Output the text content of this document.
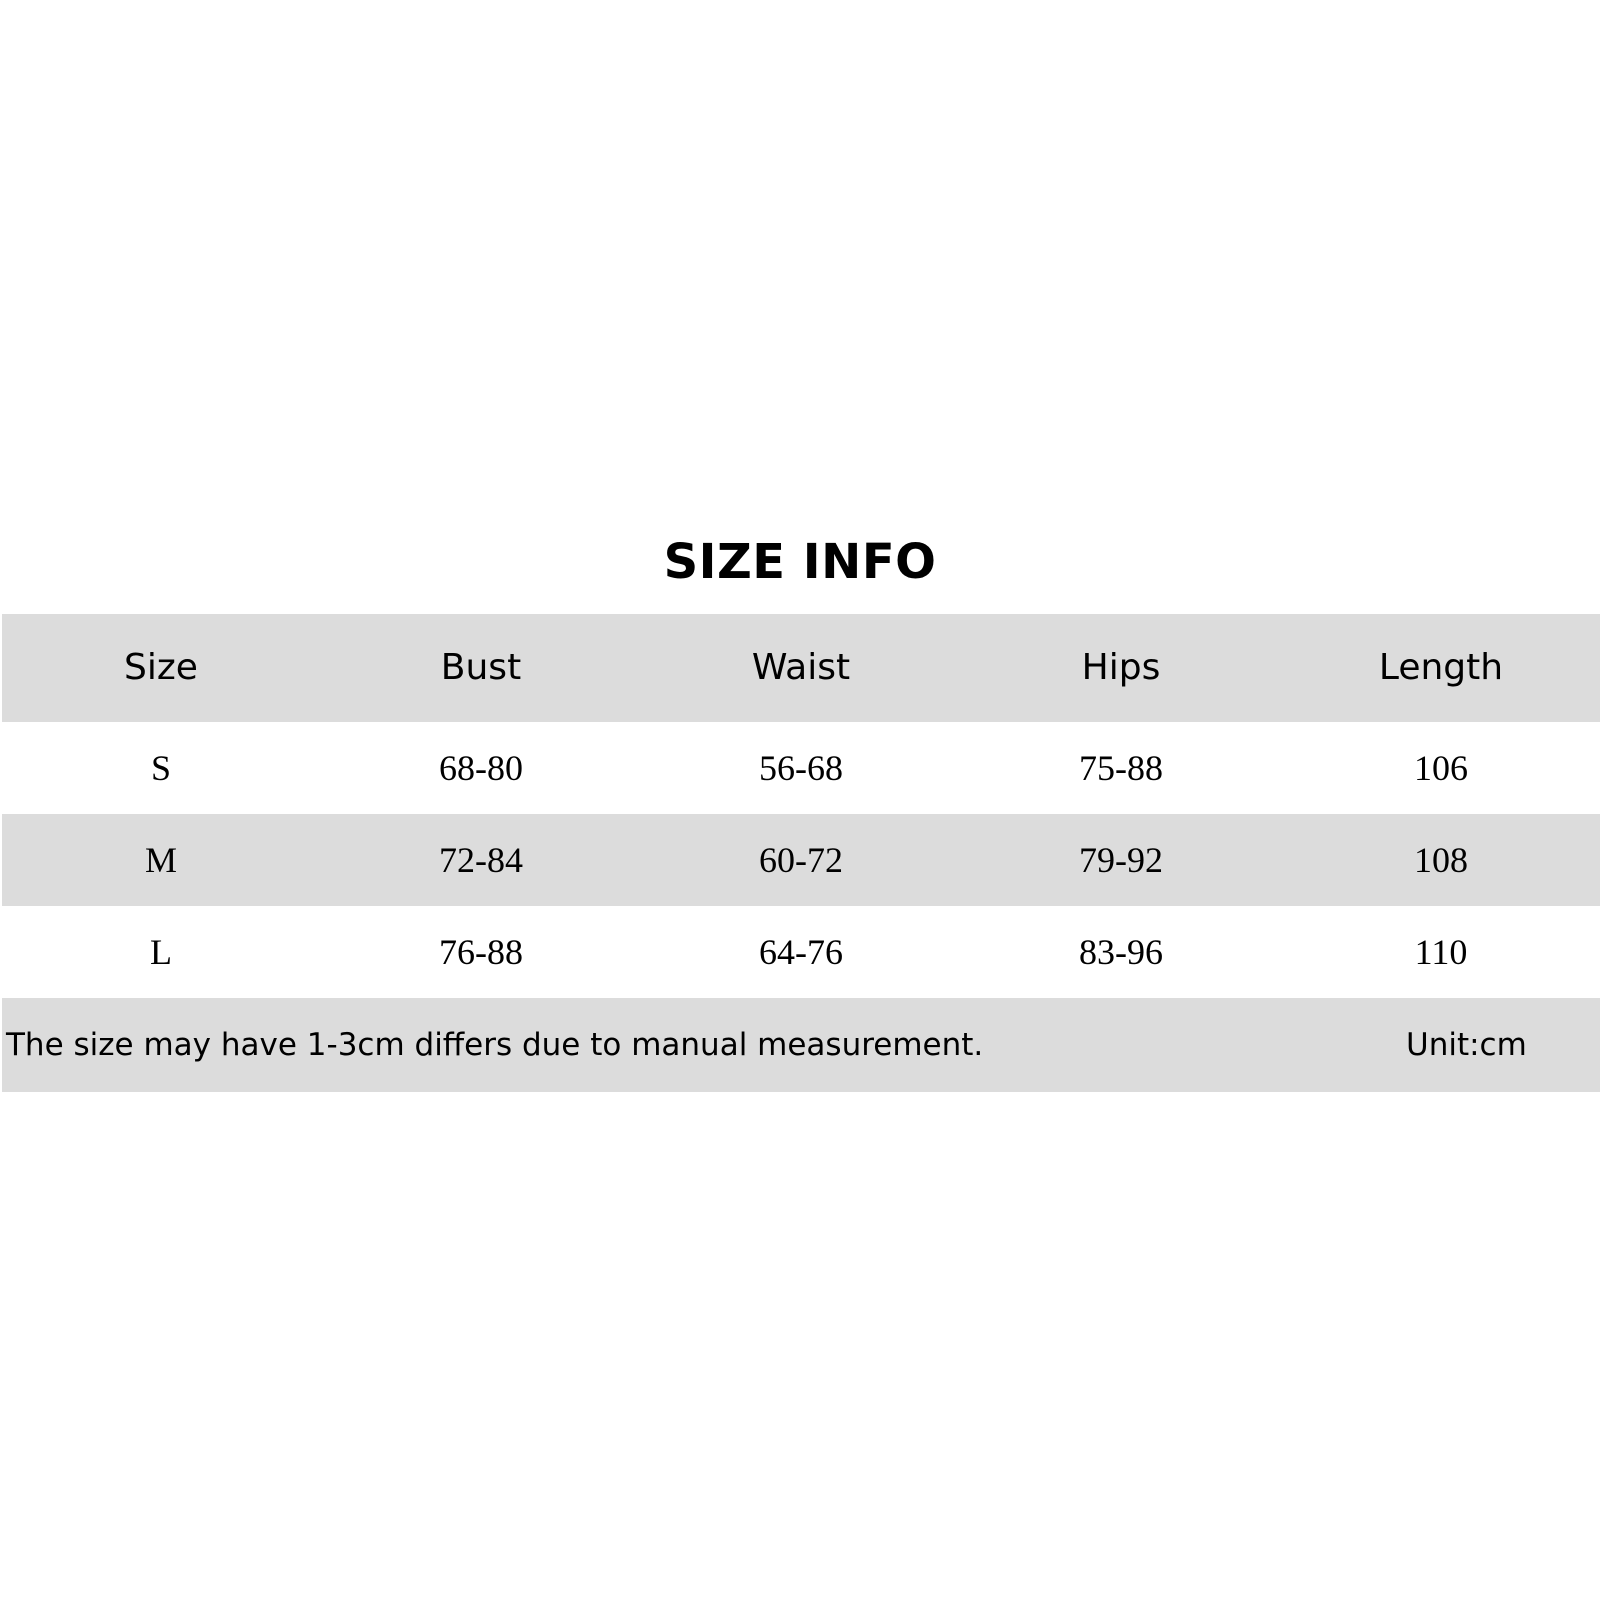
SIZE INFO
Size	Bust	Waist	Hips	Length
S	68-80	56-68	75-88	106
M	72-84	60-72	79-92	108
L	76-88	64-76	83-96	110
The size may have 1-3cm differs due to manual measurement.	Unit:cm
